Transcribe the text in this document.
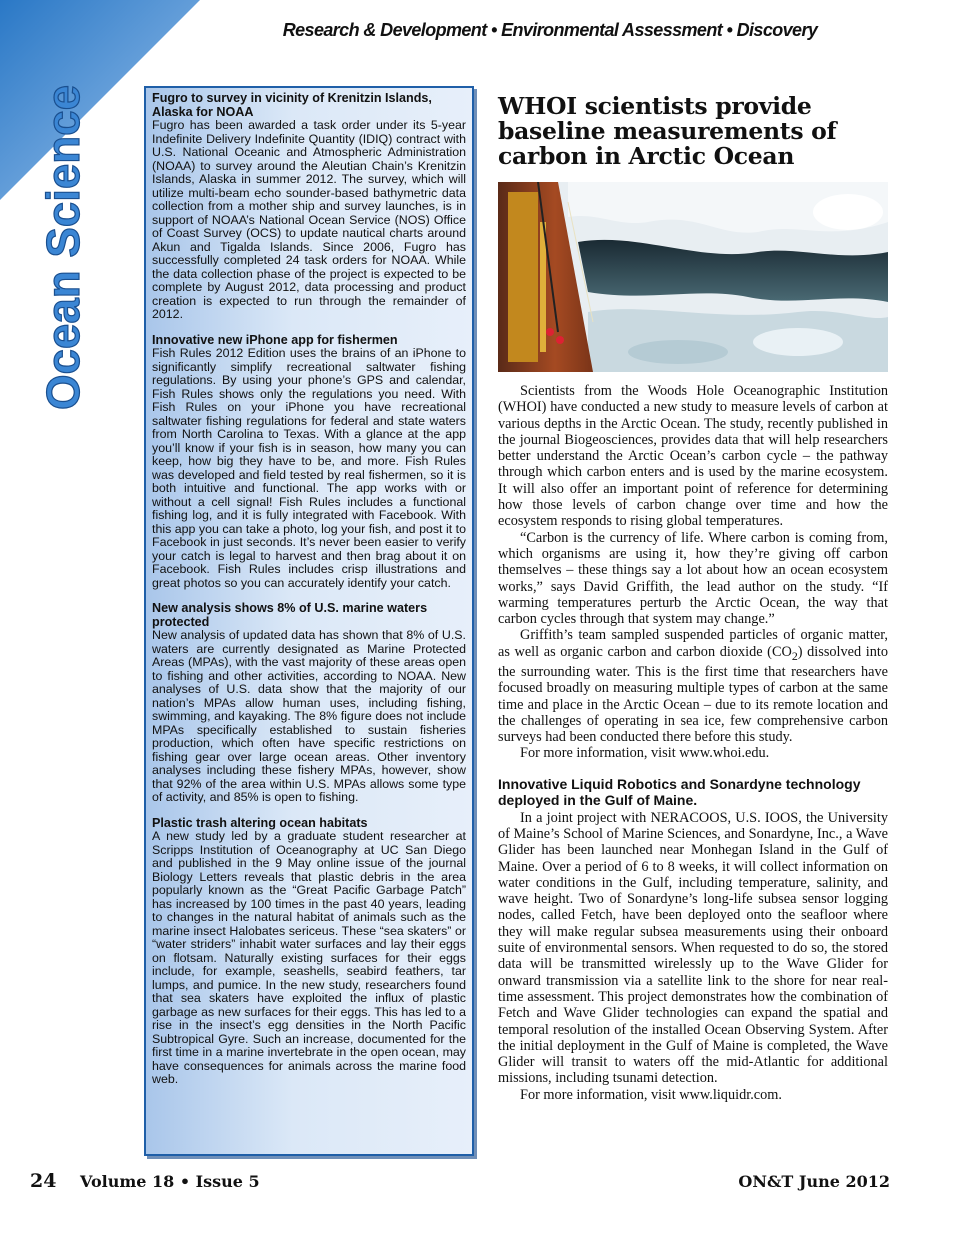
Research & Development • Environmental Assessment • Discovery
Ocean Science	Fugro to survey in vicinity of Krenitzin Islands, Alaska for NOAA

Fugro has been awarded a task order under its 5-year Indefinite Delivery Indefinite Quantity (IDIQ) contract with U.S. National Oceanic and Atmospheric Administration (NOAA) to survey around the Aleutian Chain’s Krenitzin Islands, Alaska in summer 2012. The survey, which will utilize multi-beam echo sounder-based bathymetric data collection from a mother ship and survey launches, is in support of NOAA’s National Ocean Service (NOS) Office of Coast Survey (OCS) to update nautical charts around Akun and Tigalda Islands. Since 2006, Fugro has successfully completed 24 task orders for NOAA. While the data collection phase of the project is expected to be complete by August 2012, data processing and product creation is expected to run through the remainder of 2012.

Innovative new iPhone app for fishermen

Fish Rules 2012 Edition uses the brains of an iPhone to significantly simplify recreational saltwater fishing regulations. By using your phone’s GPS and calendar, Fish Rules shows only the regulations you need. With Fish Rules on your iPhone you have recreational saltwater fishing regulations for federal and state waters from North Carolina to Texas. With a glance at the app you’ll know if your fish is in season, how many you can keep, how big they have to be, and more. Fish Rules was developed and field tested by real fishermen, so it is both intuitive and functional. The app works with or without a cell signal! Fish Rules includes a functional fishing log, and it is fully integrated with Facebook. With this app you can take a photo, log your fish, and post it to Facebook in just seconds. It’s never been easier to verify your catch is legal to harvest and then brag about it on Facebook. Fish Rules includes crisp illustrations and great photos so you can accurately identify your catch.

New analysis shows 8% of U.S. marine waters protected

New analysis of updated data has shown that 8% of U.S. waters are currently designated as Marine Protected Areas (MPAs), with the vast majority of these areas open to fishing and other activities, according to NOAA. New analyses of U.S. data show that the majority of our nation’s MPAs allow human uses, including fishing, swimming, and kayaking. The 8% figure does not include MPAs specifically established to sustain fisheries production, which often have specific restrictions on fishing gear over large ocean areas. Other inventory analyses including these fishery MPAs, however, show that 92% of the area within U.S. MPAs allows some type of activity, and 85% is open to fishing.

Plastic trash altering ocean habitats

A new study led by a graduate student researcher at Scripps Institution of Oceanography at UC San Diego and published in the 9 May online issue of the journal Biology Letters reveals that plastic debris in the area popularly known as the “Great Pacific Garbage Patch” has increased by 100 times in the past 40 years, leading to changes in the natural habitat of animals such as the marine insect Halobates sericeus. These “sea skaters” or “water striders” inhabit water surfaces and lay their eggs on flotsam. Naturally existing surfaces for their eggs include, for example, seashells, seabird feathers, tar lumps, and pumice. In the new study, researchers found that sea skaters have exploited the influx of plastic garbage as new surfaces for their eggs. This has led to a rise in the insect’s egg densities in the North Pacific Subtropical Gyre. Such an increase, documented for the first time in a marine invertebrate in the open ocean, may have consequences for animals across the marine food web.

WHOI scientists provide baseline measurements of carbon in Arctic Ocean

Scientists from the Woods Hole Oceanographic Institution (WHOI) have conducted a new study to measure levels of carbon at various depths in the Arctic Ocean. The study, recently published in the journal Biogeosciences, provides data that will help researchers better understand the Arctic Ocean’s carbon cycle – the pathway through which carbon enters and is used by the marine ecosystem. It will also offer an important point of reference for determining how those levels of carbon change over time and how the ecosystem responds to rising global temperatures.

“Carbon is the currency of life. Where carbon is coming from, which organisms are using it, how they’re giving off carbon themselves – these things say a lot about how an ocean ecosystem works,” says David Griffith, the lead author on the study. “If warming temperatures perturb the Arctic Ocean, the way that carbon cycles through that system may change.”

Griffith’s team sampled suspended particles of organic matter, as well as organic carbon and carbon dioxide $(CO_2)$ dissolved into the surrounding water. This is the first time that researchers have focused broadly on measuring multiple types of carbon at the same time and place in the Arctic Ocean – due to its remote location and the challenges of operating in sea ice, few comprehensive carbon surveys had been conducted there before this study.

For more information, visit www.whoi.edu.

Innovative Liquid Robotics and Sonardyne technology deployed in the Gulf of Maine.

In a joint project with NERACOOS, U.S. IOOS, the University of Maine’s School of Marine Sciences, and Sonardyne, Inc., a Wave Glider has been launched near Monhegan Island in the Gulf of Maine. Over a period of 6 to 8 weeks, it will collect information on water conditions in the Gulf, including temperature, salinity, and wave height. Two of Sonardyne’s long-life subsea sensor logging nodes, called Fetch, have been deployed onto the seafloor where they will make regular subsea measurements using their onboard suite of environmental sensors. When requested to do so, the stored data will be transmitted wirelessly up to the Wave Glider for onward transmission via a satellite link to the shore for near real-time assessment. This project demonstrates how the combination of Fetch and Wave Glider technologies can expand the spatial and temporal resolution of the installed Ocean Observing System. After the initial deployment in the Gulf of Maine is completed, the Wave Glider will transit to waters off the mid-Atlantic for additional missions, including tsunami detection.

For more information, visit www.liquidr.com.

24 Volume 18 • Issue 5	ON&T June 2012
